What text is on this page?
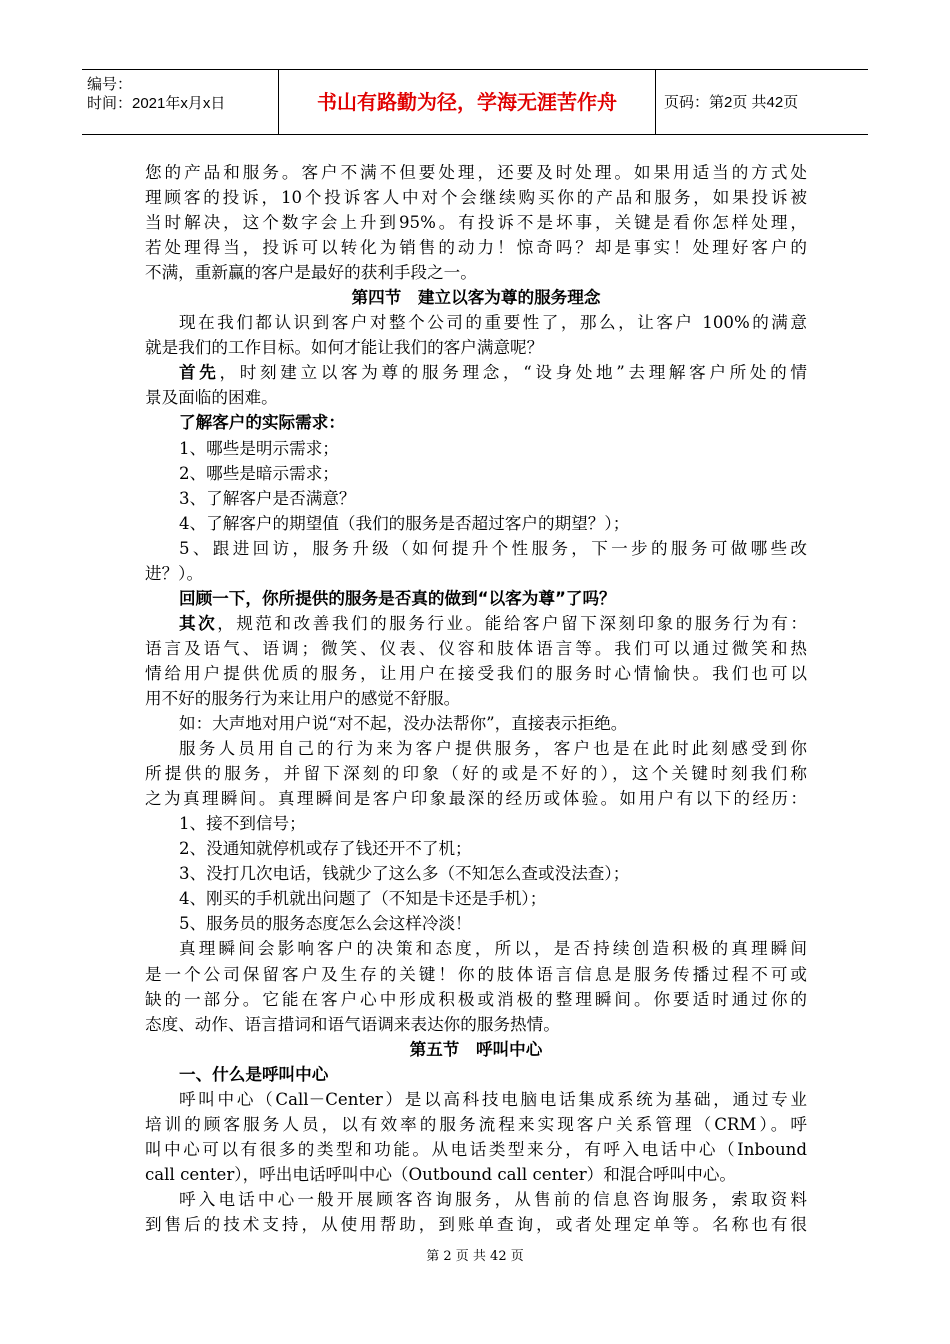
编号：
时间：2021年x月x日	书山有路勤为径，学海无涯苦作舟	页码：第2页 共42页
您的产品和服务。客户不满不但要处理，还要及时处理。如果用适当的方式处
理顾客的投诉，10个投诉客人中对个会继续购买你的产品和服务，如果投诉被
当时解决，这个数字会上升到95%。有投诉不是坏事，关键是看你怎样处理，
若处理得当，投诉可以转化为销售的动力！惊奇吗？却是事实！处理好客户的
不满，重新赢的客户是最好的获利手段之一。
第四节　建立以客为尊的服务理念
现在我们都认识到客户对整个公司的重要性了，那么，让客户 100%的满意
就是我们的工作目标。如何才能让我们的客户满意呢？
首先，时刻建立以客为尊的服务理念，“设身处地”去理解客户所处的情
景及面临的困难。
了解客户的实际需求：
1、哪些是明示需求；
2、哪些是暗示需求；
3、了解客户是否满意？
4、了解客户的期望值（我们的服务是否超过客户的期望？）；
5、跟进回访，服务升级（如何提升个性服务，下一步的服务可做哪些改
进？）。
回顾一下，你所提供的服务是否真的做到“以客为尊”了吗？
其次，规范和改善我们的服务行业。能给客户留下深刻印象的服务行为有：
语言及语气、语调；微笑、仪表、仪容和肢体语言等。我们可以通过微笑和热
情给用户提供优质的服务，让用户在接受我们的服务时心情愉快。我们也可以
用不好的服务行为来让用户的感觉不舒服。
如：大声地对用户说“对不起，没办法帮你”，直接表示拒绝。
服务人员用自己的行为来为客户提供服务，客户也是在此时此刻感受到你
所提供的服务，并留下深刻的印象（好的或是不好的），这个关键时刻我们称
之为真理瞬间。真理瞬间是客户印象最深的经历或体验。如用户有以下的经历：
1、接不到信号；
2、没通知就停机或存了钱还开不了机；
3、没打几次电话，钱就少了这么多（不知怎么查或没法查）；
4、刚买的手机就出问题了（不知是卡还是手机）；
5、服务员的服务态度怎么会这样冷淡！
真理瞬间会影响客户的决策和态度，所以，是否持续创造积极的真理瞬间
是一个公司保留客户及生存的关键！你的肢体语言信息是服务传播过程不可或
缺的一部分。它能在客户心中形成积极或消极的整理瞬间。你要适时通过你的
态度、动作、语言措词和语气语调来表达你的服务热情。
第五节　呼叫中心
一、什么是呼叫中心
呼叫中心（Call－Center）是以高科技电脑电话集成系统为基础，通过专业
培训的顾客服务人员，以有效率的服务流程来实现客户关系管理（CRM）。呼
叫中心可以有很多的类型和功能。从电话类型来分，有呼入电话中心（Inbound
call center），呼出电话呼叫中心（Outbound call center）和混合呼叫中心。
呼入电话中心一般开展顾客咨询服务，从售前的信息咨询服务，索取资料
到售后的技术支持，从使用帮助，到账单查询，或者处理定单等。名称也有很
第 2 页 共 42 页
